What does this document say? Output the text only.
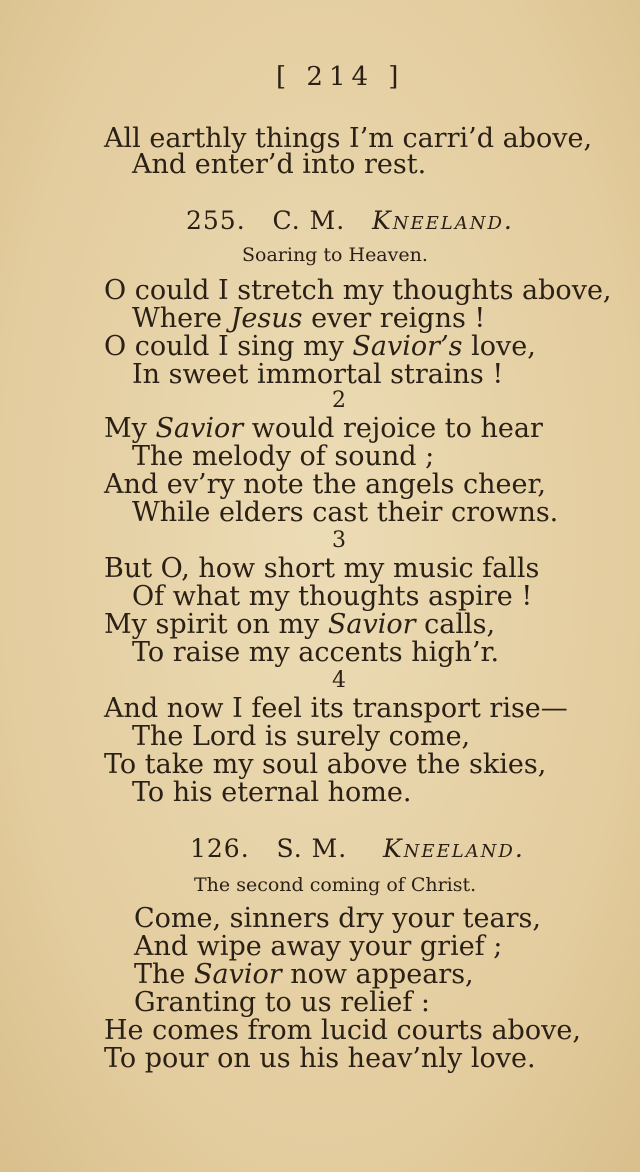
[ 214 ]
All earthly things I’m carri’d above,
And enter’d into rest.
255. C. M. Kneeland.
Soaring to Heaven.
O could I stretch my thoughts above,
Where Jesus ever reigns !
O could I sing my Savior’s love,
In sweet immortal strains !
2
My Savior would rejoice to hear
The melody of sound ;
And ev’ry note the angels cheer,
While elders cast their crowns.
3
But O, how short my music falls
Of what my thoughts aspire !
My spirit on my Savior calls,
To raise my accents high’r.
4
And now I feel its transport rise—
The Lord is surely come,
To take my soul above the skies,
To his eternal home.
126. S. M. Kneeland.
The second coming of Christ.
Come, sinners dry your tears,
And wipe away your grief ;
The Savior now appears,
Granting to us relief :
He comes from lucid courts above,
To pour on us his heav’nly love.
